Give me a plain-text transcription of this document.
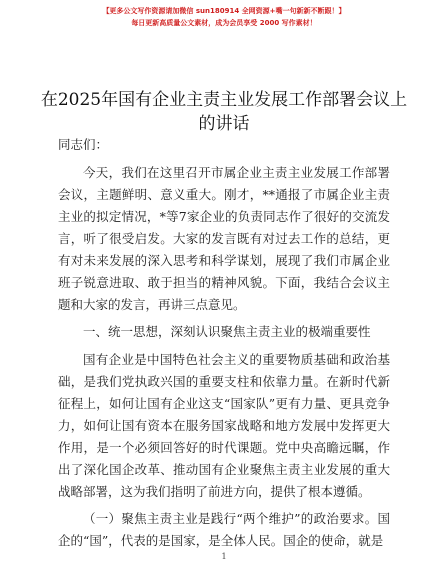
【更多公文写作资源请加微信 sun180914 全网资源+嘴一句新新不断跟！】
每日更新高质量公文素材，成为会员享受 2000 写作素材！
在2025年国有企业主责主业发展工作部署会议上的讲话

同志们：

今天，我们在这里召开市属企业主责主业发展工作部署会议，主题鲜明、意义重大。刚才，**通报了市属企业主责主业的拟定情况，*等7家企业的负责同志作了很好的交流发言，听了很受启发。大家的发言既有对过去工作的总结，更有对未来发展的深入思考和科学谋划，展现了我们市属企业班子锐意进取、敢于担当的精神风貌。下面，我结合会议主题和大家的发言，再讲三点意见。

一、统一思想，深刻认识聚焦主责主业的极端重要性

国有企业是中国特色社会主义的重要物质基础和政治基础，是我们党执政兴国的重要支柱和依靠力量。在新时代新征程上，如何让国有企业这支“国家队”更有力量、更具竞争力，如何让国有资本在服务国家战略和地方发展中发挥更大作用，是一个必须回答好的时代课题。党中央高瞻远瞩，作出了深化国企改革、推动国有企业聚焦主责主业发展的重大战略部署，这为我们指明了前进方向，提供了根本遵循。

（一）聚焦主责主业是践行“两个维护”的政治要求。国企的“国”，代表的是国家，是全体人民。国企的使命，就是

1
